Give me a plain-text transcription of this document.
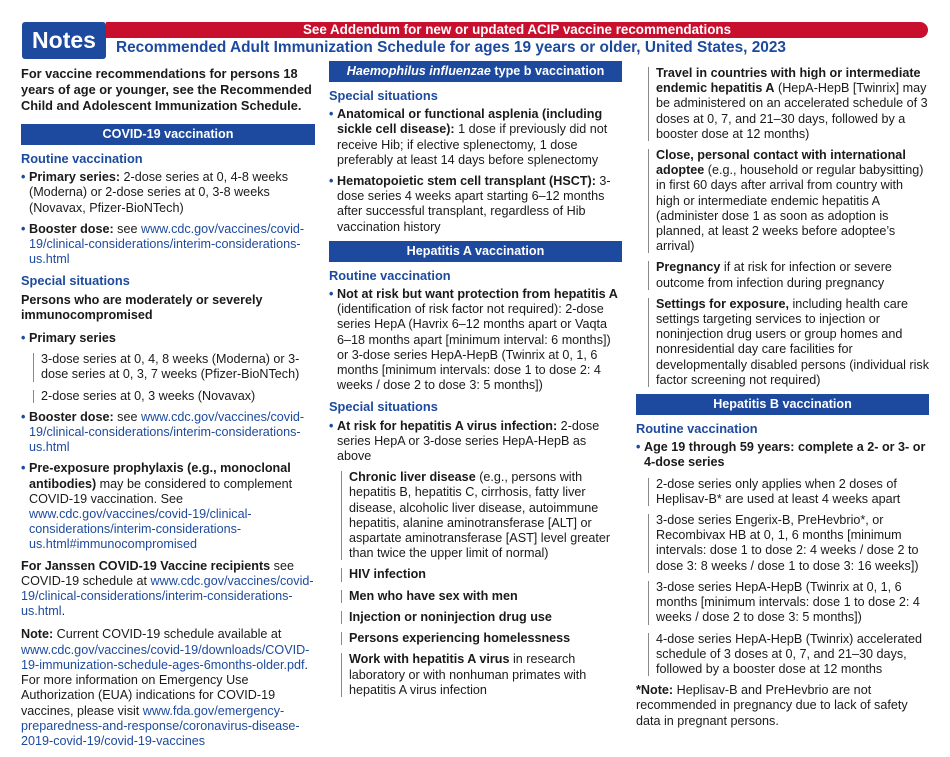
Notes	See Addendum for new or updated ACIP vaccine recommendations
Recommended Adult Immunization Schedule for ages 19 years or older, United States, 2023
For vaccine recommendations for persons 18 years of age or younger, see the Recommended Child and Adolescent Immunization Schedule.
COVID-19 vaccination
Routine vaccination
• Primary series: 2-dose series at 0, 4-8 weeks (Moderna) or 2-dose series at 0, 3-8 weeks (Novavax, Pfizer-BioNTech)
• Booster dose: see www.cdc.gov/vaccines/covid-19/clinical-considerations/interim-considerations-us.html
Special situations
Persons who are moderately or severely immunocompromised
• Primary series
3-dose series at 0, 4, 8 weeks (Moderna) or 3-dose series at 0, 3, 7 weeks (Pfizer-BioNTech)
2-dose series at 0, 3 weeks (Novavax)
• Booster dose: see www.cdc.gov/vaccines/covid-19/clinical-considerations/interim-considerations-us.html
• Pre-exposure prophylaxis (e.g., monoclonal antibodies) may be considered to complement COVID-19 vaccination. See www.cdc.gov/vaccines/covid-19/clinical-considerations/interim-considerations-us.html#immunocompromised
For Janssen COVID-19 Vaccine recipients see COVID-19 schedule at www.cdc.gov/vaccines/covid-19/clinical-considerations/interim-considerations-us.html.
Note: Current COVID-19 schedule available at www.cdc.gov/vaccines/covid-19/downloads/COVID-19-immunization-schedule-ages-6months-older.pdf. For more information on Emergency Use Authorization (EUA) indications for COVID-19 vaccines, please visit www.fda.gov/emergency-preparedness-and-response/coronavirus-disease-2019-covid-19/covid-19-vaccines
Haemophilus influenzae type b vaccination
Special situations
• Anatomical or functional asplenia (including sickle cell disease): 1 dose if previously did not receive Hib; if elective splenectomy, 1 dose preferably at least 14 days before splenectomy
• Hematopoietic stem cell transplant (HSCT): 3-dose series 4 weeks apart starting 6–12 months after successful transplant, regardless of Hib vaccination history
Hepatitis A vaccination
Routine vaccination
• Not at risk but want protection from hepatitis A (identification of risk factor not required): 2-dose series HepA (Havrix 6–12 months apart or Vaqta 6–18 months apart [minimum interval: 6 months]) or 3-dose series HepA-HepB (Twinrix at 0, 1, 6 months [minimum intervals: dose 1 to dose 2: 4 weeks / dose 2 to dose 3: 5 months])
Special situations
• At risk for hepatitis A virus infection: 2-dose series HepA or 3-dose series HepA-HepB as above
Chronic liver disease (e.g., persons with hepatitis B, hepatitis C, cirrhosis, fatty liver disease, alcoholic liver disease, autoimmune hepatitis, alanine aminotransferase [ALT] or aspartate aminotransferase [AST] level greater than twice the upper limit of normal)
HIV infection
Men who have sex with men
Injection or noninjection drug use
Persons experiencing homelessness
Work with hepatitis A virus in research laboratory or with nonhuman primates with hepatitis A virus infection
Travel in countries with high or intermediate endemic hepatitis A (HepA-HepB [Twinrix] may be administered on an accelerated schedule of 3 doses at 0, 7, and 21–30 days, followed by a booster dose at 12 months)
Close, personal contact with international adoptee (e.g., household or regular babysitting) in first 60 days after arrival from country with high or intermediate endemic hepatitis A (administer dose 1 as soon as adoption is planned, at least 2 weeks before adoptee’s arrival)
Pregnancy if at risk for infection or severe outcome from infection during pregnancy
Settings for exposure, including health care settings targeting services to injection or noninjection drug users or group homes and nonresidential day care facilities for developmentally disabled persons (individual risk factor screening not required)
Hepatitis B vaccination
Routine vaccination
• Age 19 through 59 years: complete a 2- or 3- or 4-dose series
2-dose series only applies when 2 doses of Heplisav-B* are used at least 4 weeks apart
3-dose series Engerix-B, PreHevbrio*, or Recombivax HB at 0, 1, 6 months [minimum intervals: dose 1 to dose 2: 4 weeks / dose 2 to dose 3: 8 weeks / dose 1 to dose 3: 16 weeks])
3-dose series HepA-HepB (Twinrix at 0, 1, 6 months [minimum intervals: dose 1 to dose 2: 4 weeks / dose 2 to dose 3: 5 months])
4-dose series HepA-HepB (Twinrix) accelerated schedule of 3 doses at 0, 7, and 21–30 days, followed by a booster dose at 12 months
*Note: Heplisav-B and PreHevbrio are not recommended in pregnancy due to lack of safety data in pregnant persons.
